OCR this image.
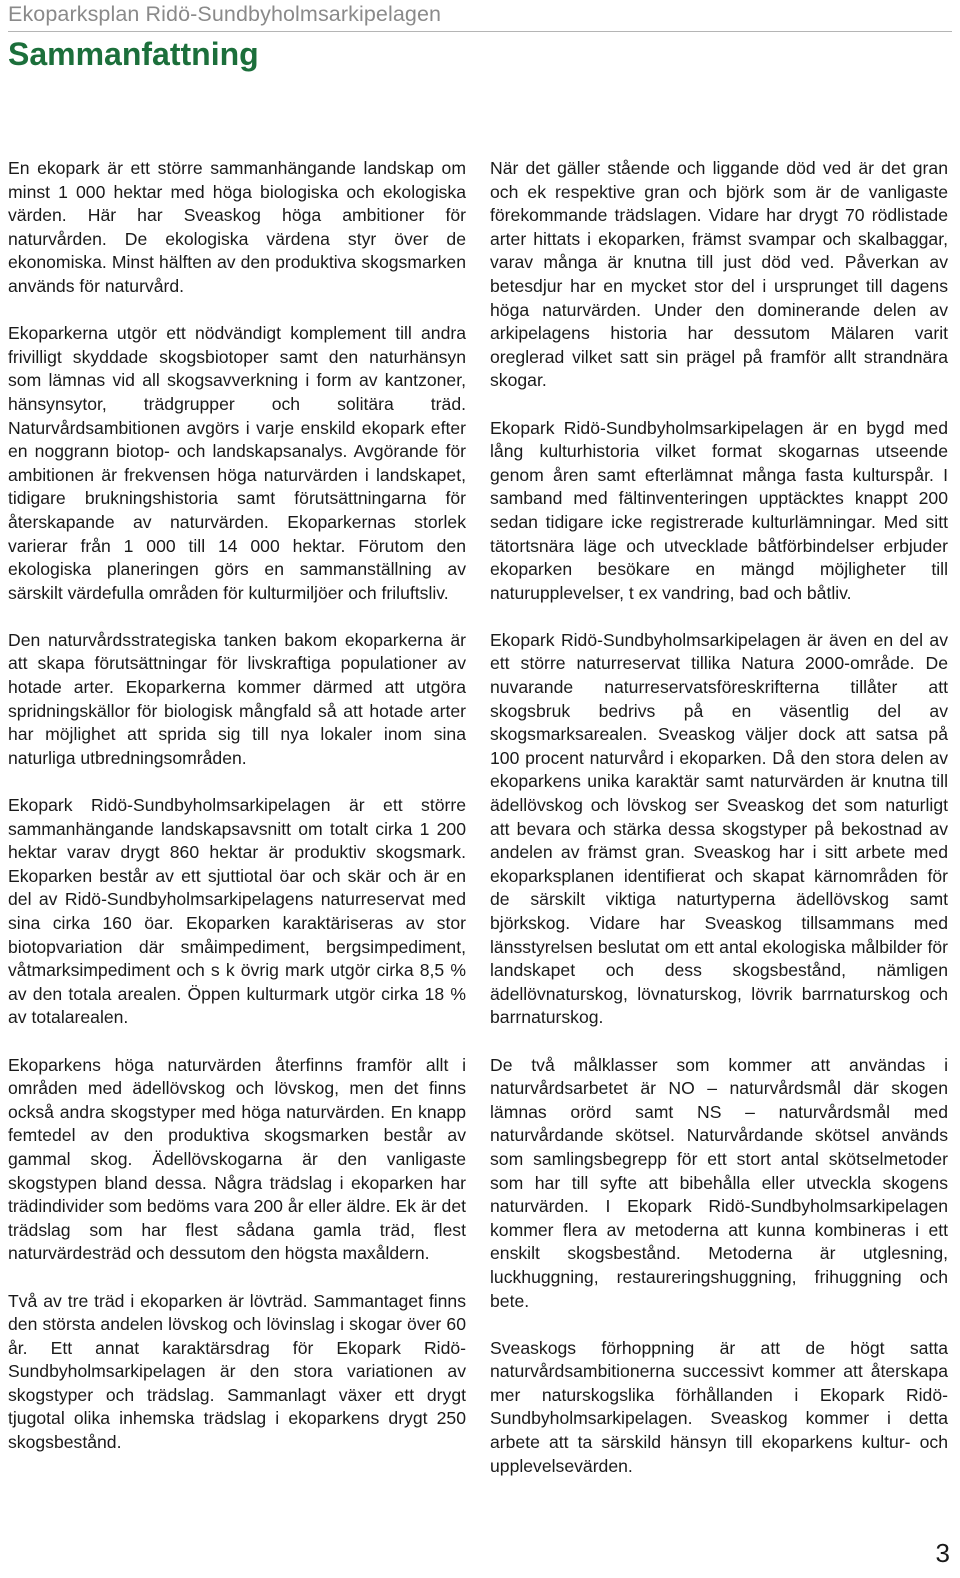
Ekoparksplan Ridö-Sundbyholmsarkipelagen
Sammanfattning

En ekopark är ett större sammanhängande landskap om minst 1 000 hektar med höga biologiska och ekologiska värden. Här har Sveaskog höga ambitioner för naturvården. De ekologiska värdena styr över de ekonomiska. Minst hälften av den produktiva skogsmarken används för naturvård.

Ekoparkerna utgör ett nödvändigt komplement till andra frivilligt skyddade skogsbiotoper samt den naturhänsyn som lämnas vid all skogsavverkning i form av kantzoner, hänsynsytor, trädgrupper och solitära träd. Naturvårdsambitionen avgörs i varje enskild ekopark efter en noggrann biotop- och landskapsanalys. Avgörande för ambitionen är frekvensen höga naturvärden i landskapet, tidigare brukningshistoria samt förutsättningarna för återskapande av naturvärden. Ekoparkernas storlek varierar från 1 000 till 14 000 hektar. Förutom den ekologiska planeringen görs en sammanställning av särskilt värdefulla områden för kulturmiljöer och friluftsliv.

Den naturvårdsstrategiska tanken bakom ekoparkerna är att skapa förutsättningar för livskraftiga populationer av hotade arter. Ekoparkerna kommer därmed att utgöra spridningskällor för biologisk mångfald så att hotade arter har möjlighet att sprida sig till nya lokaler inom sina naturliga utbredningsområden.

Ekopark Ridö-Sundbyholmsarkipelagen är ett större sammanhängande landskapsavsnitt om totalt cirka 1 200 hektar varav drygt 860 hektar är produktiv skogsmark. Ekoparken består av ett sjuttiotal öar och skär och är en del av Ridö-Sundbyholmsarkipelagens naturreservat med sina cirka 160 öar. Ekoparken karaktäriseras av stor biotopvariation där småimpediment, bergsimpediment, våtmarksimpediment och s k övrig mark utgör cirka 8,5 % av den totala arealen. Öppen kulturmark utgör cirka 18 % av totalarealen.

Ekoparkens höga naturvärden återfinns framför allt i områden med ädellövskog och lövskog, men det finns också andra skogstyper med höga naturvärden. En knapp femtedel av den produktiva skogsmarken består av gammal skog. Ädellövskogarna är den vanligaste skogstypen bland dessa. Några trädslag i ekoparken har trädindivider som bedöms vara 200 år eller äldre. Ek är det trädslag som har flest sådana gamla träd, flest naturvärdesträd och dessutom den högsta maxåldern.

Två av tre träd i ekoparken är lövträd. Sammantaget finns den största andelen lövskog och lövinslag i skogar över 60 år. Ett annat karaktärsdrag för Ekopark Ridö-Sundbyholmsarkipelagen är den stora variationen av skogstyper och trädslag. Sammanlagt växer ett drygt tjugotal olika inhemska trädslag i ekoparkens drygt 250 skogsbestånd.

När det gäller stående och liggande död ved är det gran och ek respektive gran och björk som är de vanligaste förekommande trädslagen. Vidare har drygt 70 rödlistade arter hittats i ekoparken, främst svampar och skalbaggar, varav många är knutna till just död ved. Påverkan av betesdjur har en mycket stor del i ursprunget till dagens höga naturvärden. Under den dominerande delen av arkipelagens historia har dessutom Mälaren varit oreglerad vilket satt sin prägel på framför allt strandnära skogar.

Ekopark Ridö-Sundbyholmsarkipelagen är en bygd med lång kulturhistoria vilket format skogarnas utseende genom åren samt efterlämnat många fasta kulturspår. I samband med fältinventeringen upptäcktes knappt 200 sedan tidigare icke registrerade kulturlämningar. Med sitt tätortsnära läge och utvecklade båtförbindelser erbjuder ekoparken besökare en mängd möjligheter till naturupplevelser, t ex vandring, bad och båtliv.

Ekopark Ridö-Sundbyholmsarkipelagen är även en del av ett större naturreservat tillika Natura 2000-område. De nuvarande naturreservatsföreskrifterna tillåter att skogsbruk bedrivs på en väsentlig del av skogsmarksarealen. Sveaskog väljer dock att satsa på 100 procent naturvård i ekoparken. Då den stora delen av ekoparkens unika karaktär samt naturvärden är knutna till ädellövskog och lövskog ser Sveaskog det som naturligt att bevara och stärka dessa skogstyper på bekostnad av andelen av främst gran. Sveaskog har i sitt arbete med ekoparksplanen identifierat och skapat kärnområden för de särskilt viktiga naturtyperna ädellövskog samt björkskog. Vidare har Sveaskog tillsammans med länsstyrelsen beslutat om ett antal ekologiska målbilder för landskapet och dess skogsbestånd, nämligen ädellövnaturskog, lövnaturskog, lövrik barrnaturskog och barrnaturskog.

De två målklasser som kommer att användas i naturvårdsarbetet är NO – naturvårdsmål där skogen lämnas orörd samt NS – naturvårdsmål med naturvårdande skötsel. Naturvårdande skötsel används som samlingsbegrepp för ett stort antal skötselmetoder som har till syfte att bibehålla eller utveckla skogens naturvärden. I Ekopark Ridö-Sundbyholmsarkipelagen kommer flera av metoderna att kunna kombineras i ett enskilt skogsbestånd. Metoderna är utglesning, luckhuggning, restaureringshuggning, frihuggning och bete.

Sveaskogs förhoppning är att de högt satta naturvårdsambitionerna successivt kommer att återskapa mer naturskogslika förhållanden i Ekopark Ridö-Sundbyholmsarkipelagen. Sveaskog kommer i detta arbete att ta särskild hänsyn till ekoparkens kultur- och upplevelsevärden.

3
